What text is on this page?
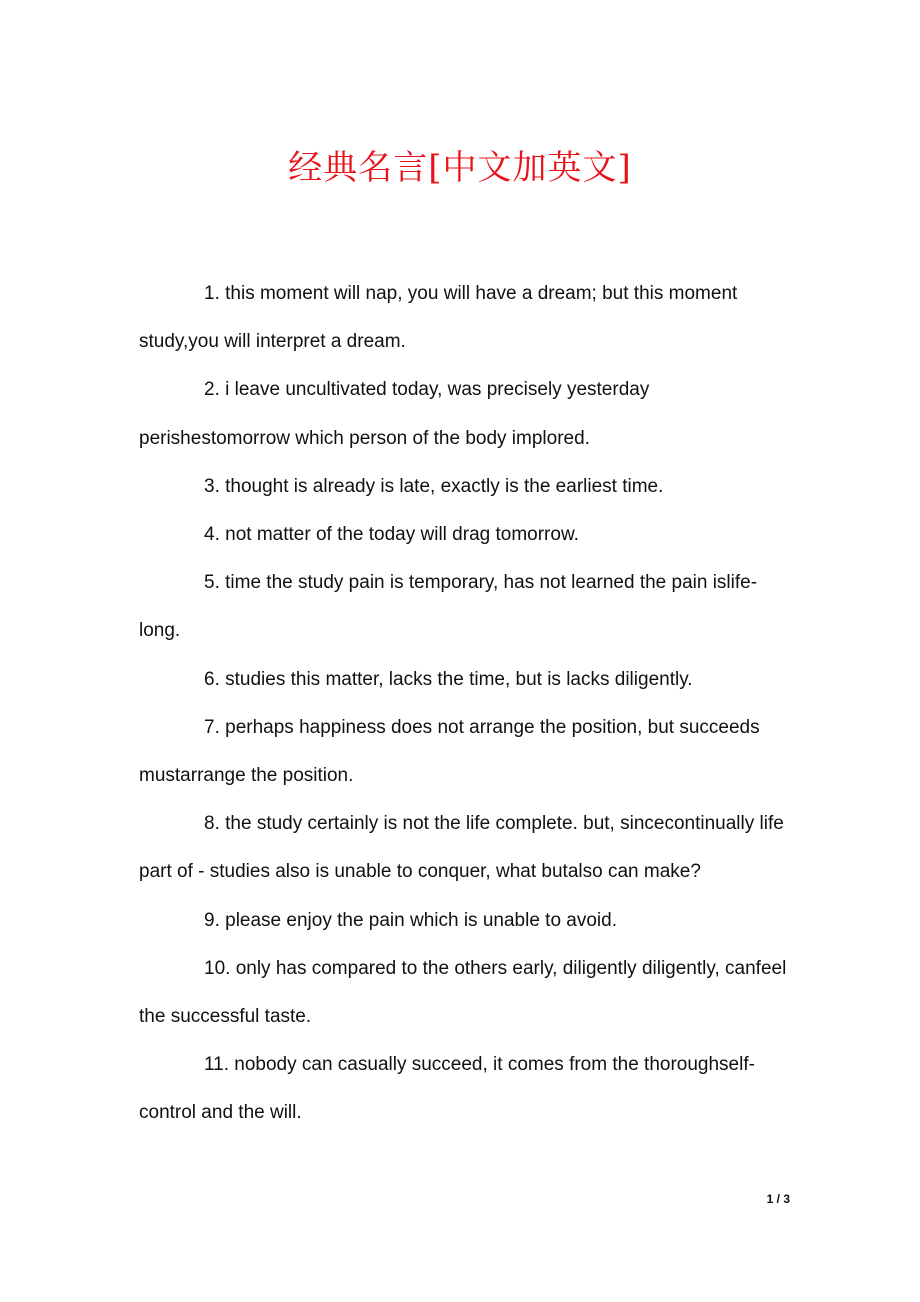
经典名言[中文加英文]

1. this moment will nap, you will have a dream; but this moment study,you will interpret a dream.

2. i leave uncultivated today, was precisely yesterday perishestomorrow which person of the body implored.

3. thought is already is late, exactly is the earliest time.

4. not matter of the today will drag tomorrow.

5. time the study pain is temporary, has not learned the pain islife-long.

6. studies this matter, lacks the time, but is lacks diligently.

7. perhaps happiness does not arrange the position, but succeeds mustarrange the position.

8. the study certainly is not the life complete. but, sincecontinually life part of - studies also is unable to conquer, what butalso can make?

9. please enjoy the pain which is unable to avoid.

10. only has compared to the others early, diligently diligently, canfeel the successful taste.

11. nobody can casually succeed, it comes from the thoroughself-control and the will.

1 / 3
